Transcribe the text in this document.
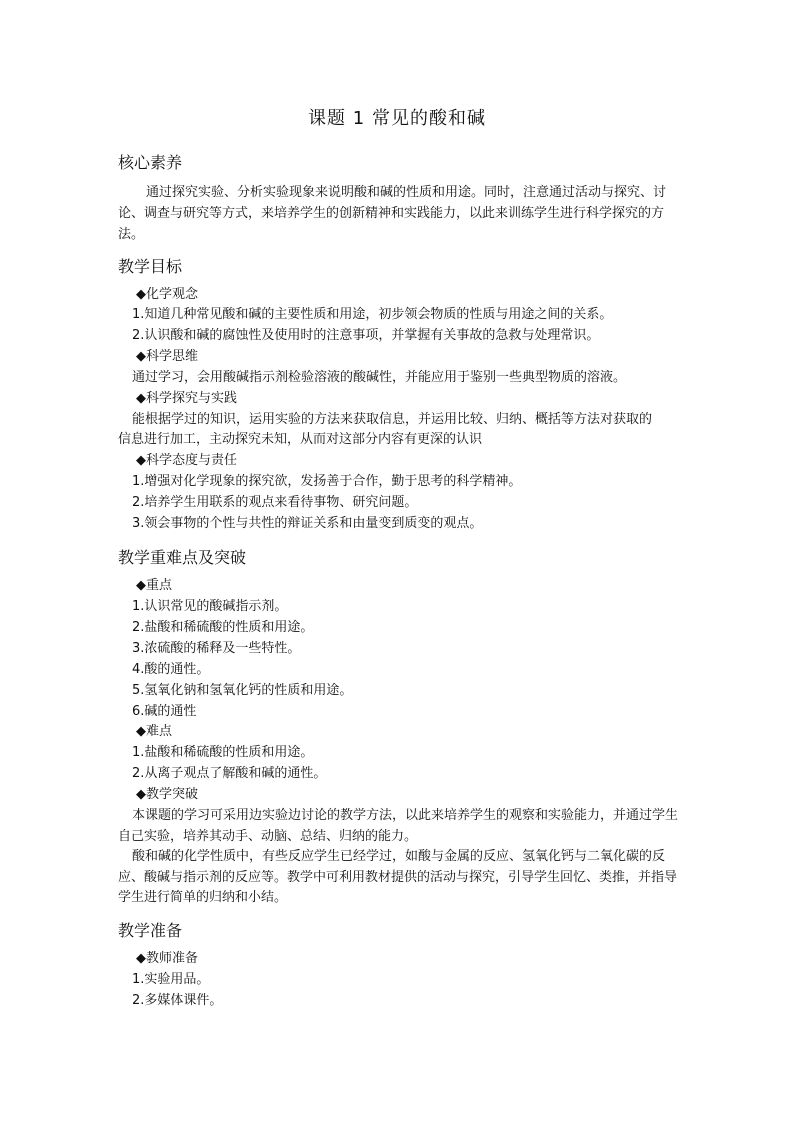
课题 1 常见的酸和碱
核心素养
通过探究实验、分析实验现象来说明酸和碱的性质和用途。同时，注意通过活动与探究、讨论、调查与研究等方式，来培养学生的创新精神和实践能力，以此来训练学生进行科学探究的方法。
教学目标
◆化学观念
1.知道几种常见酸和碱的主要性质和用途，初步领会物质的性质与用途之间的关系。
2.认识酸和碱的腐蚀性及使用时的注意事项，并掌握有关事故的急救与处理常识。
◆科学思维
通过学习，会用酸碱指示剂检验溶液的酸碱性，并能应用于鉴别一些典型物质的溶液。
◆科学探究与实践
能根据学过的知识，运用实验的方法来获取信息，并运用比较、归纳、概括等方法对获取的
信息进行加工，主动探究未知，从而对这部分内容有更深的认识
◆科学态度与责任
1.增强对化学现象的探究欲，发扬善于合作，勤于思考的科学精神。
2.培养学生用联系的观点来看待事物、研究问题。
3.领会事物的个性与共性的辩证关系和由量变到质变的观点。
教学重难点及突破
◆重点
1.认识常见的酸碱指示剂。
2.盐酸和稀硫酸的性质和用途。
3.浓硫酸的稀释及一些特性。
4.酸的通性。
5.氢氧化钠和氢氧化钙的性质和用途。
6.碱的通性
◆难点
1.盐酸和稀硫酸的性质和用途。
2.从离子观点了解酸和碱的通性。
◆教学突破
本课题的学习可采用边实验边讨论的教学方法，以此来培养学生的观察和实验能力，并通过学生自己实验，培养其动手、动脑、总结、归纳的能力。
酸和碱的化学性质中，有些反应学生已经学过，如酸与金属的反应、氢氧化钙与二氧化碳的反应、酸碱与指示剂的反应等。教学中可利用教材提供的活动与探究，引导学生回忆、类推，并指导学生进行简单的归纳和小结。
教学准备
◆教师准备
1.实验用品。
2.多媒体课件。
